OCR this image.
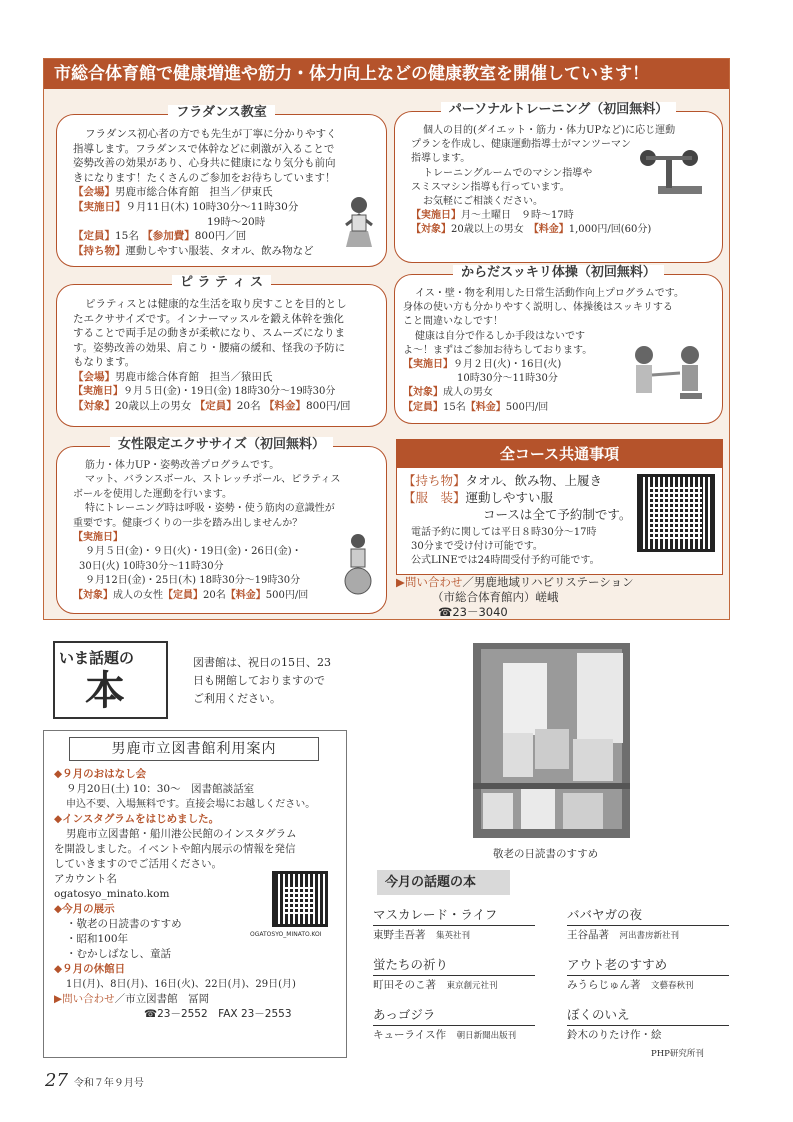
市総合体育館で健康増進や筋力・体力向上などの健康教室を開催しています！
フラダンス教室

フラダンス初心者の方でも先生が丁寧に分かりやすく

指導します。フラダンスで体幹などに刺激が入ることで

姿勢改善の効果があり、心身共に健康になり気分も前向

きになります！たくさんのご参加をお待ちしています！

【会場】男鹿市総合体育館　担当／伊東氏

【実施日】９月11日(木) 10時30分～11時30分

19時～20時

【定員】15名 【参加費】800円／回

【持ち物】運動しやすい服装、タオル、飲み物など

パーソナルトレーニング（初回無料）

個人の目的(ダイエット・筋力・体力UPなど)に応じ運動

プランを作成し、健康運動指導士がマンツーマン

指導します。

トレーニングルームでのマシン指導や

スミスマシン指導も行っています。

お気軽にご相談ください。

【実施日】月～土曜日　９時～17時

【対象】20歳以上の男女　 【料金】1,000円/回(60分)

ピ ラ テ ィ ス

ピラティスとは健康的な生活を取り戻すことを目的とし

たエクササイズです。インナーマッスルを鍛え体幹を強化

することで両手足の動きが柔軟になり、スムーズになりま

す。姿勢改善の効果、肩こり・腰痛の緩和、怪我の予防に

もなります。

【会場】男鹿市総合体育館　担当／猿田氏

【実施日】９月５日(金)・19日(金) 18時30分～19時30分

【対象】20歳以上の男女 【定員】20名 【料金】800円/回

からだスッキリ体操（初回無料）

イス・壁・物を利用した日常生活動作向上プログラムです。

身体の使い方も分かりやすく説明し、体操後はスッキリする

こと間違いなしです！

健康は自分で作るしか手段はないです

よ～！まずはご参加お待ちしております。

【実施日】９月２日(火)・16日(火)

10時30分～11時30分

【対象】成人の男女

【定員】15名【料金】500円/回

女性限定エクササイズ（初回無料）

筋力・体力UP・姿勢改善プログラムです。

マット、バランスボール、ストレッチポール、ピラティス

ボールを使用した運動を行います。

特にトレーニング時は呼吸・姿勢・使う筋肉の意識性が

重要です。健康づくりの一歩を踏み出しませんか？

【実施日】

９月５日(金)・９日(火)・19日(金)・26日(金)・

30日(火) 10時30分～11時30分

９月12日(金)・25日(木) 18時30分～19時30分

【対象】成人の女性【定員】20名【料金】500円/回

全コース共通事項

【持ち物】タオル、飲み物、上履き

【服　装】運動しやすい服

コースは全て予約制です。

電話予約に関しては平日８時30分～17時

30分まで受け付け可能です。

公式LINEでは24時間受付予約可能です。

▶問い合わせ／男鹿地域リハビリステーション

（市総合体育館内）嵯峨

☎23－3040

いま話題の
本

図書館は、祝日の15日、23

日も開館しておりますので

ご利用ください。

男鹿市立図書館利用案内

◆９月のおはなし会

９月20日(土) 10：30～　図書館談話室

申込不要、入場無料です。直接会場にお越しください。

◆インスタグラムをはじめました。

男鹿市立図書館・船川港公民館のインスタグラム

を開設しました。イベントや館内展示の情報を発信

していきますのでご活用ください。

アカウント名

ogatosyo_minato.kom

◆今月の展示

・敬老の日読書のすすめ

・昭和100年

・むかしばなし、童話

◆９月の休館日

1日(月)、8日(月)、16日(火)、22日(月)、29日(月)

▶問い合わせ／市立図書館　冨岡

☎23－2552　FAX 23－2553

OGATOSYO_MINATO.KOI
敬老の日読書のすすめ
今月の話題の本
マスカレード・ライフ
東野圭吾著　 集英社刊
ババヤガの夜
王谷晶著　 河出書房新社刊
蛍たちの祈り
町田そのこ著　 東京創元社刊
アウト老のすすめ
みうらじゅん著　 文藝春秋刊
あっゴジラ
キューライス作　 朝日新聞出版刊
ぼくのいえ
鈴木のりたけ作・絵
PHP研究所刊
27 令和７年９月号
